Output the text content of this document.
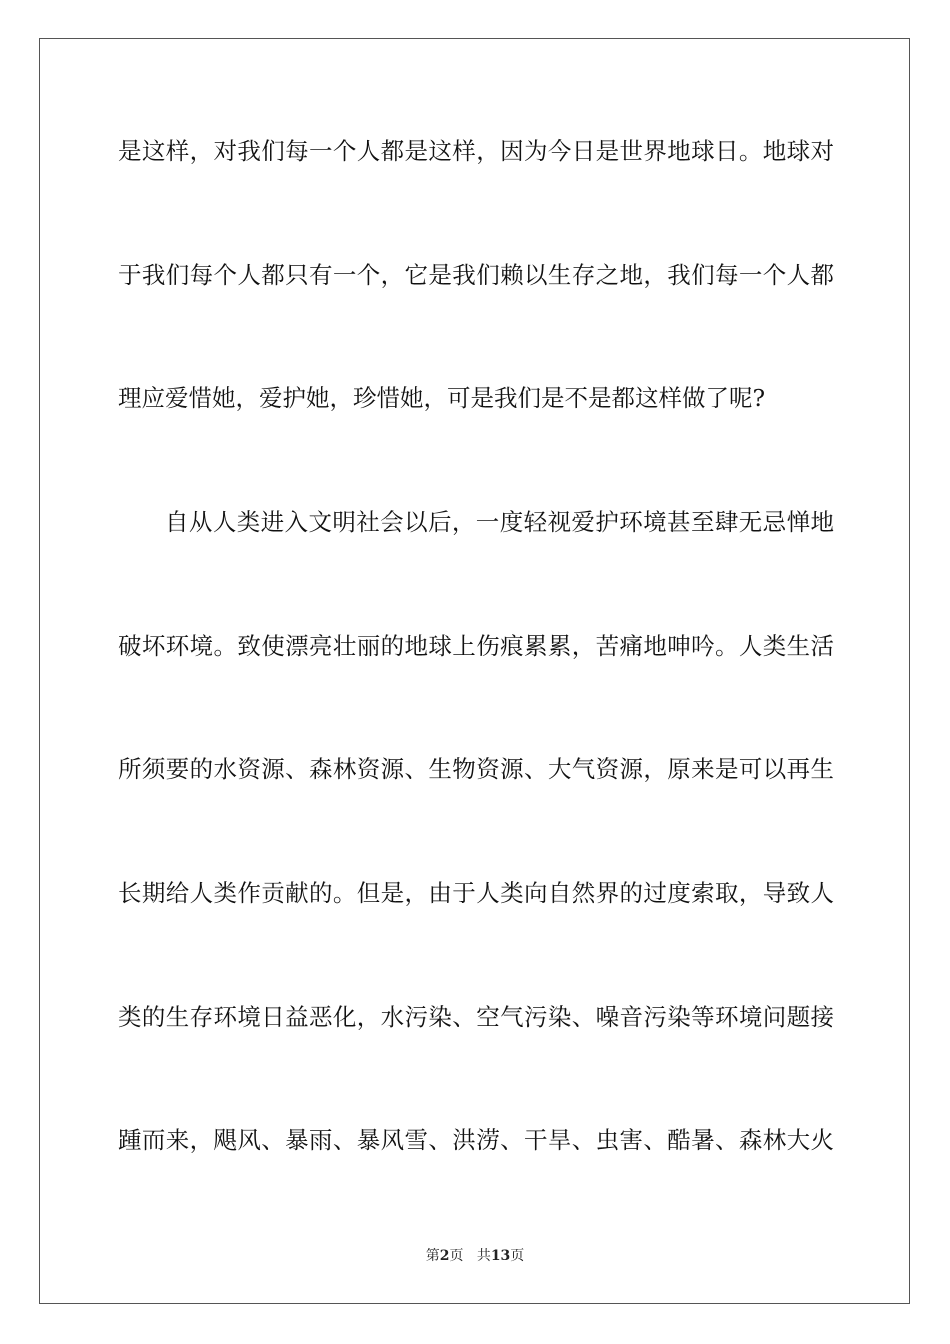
是这样，对我们每一个人都是这样，因为今日是世界地球日。地球对
于我们每个人都只有一个，它是我们赖以生存之地，我们每一个人都
理应爱惜她，爱护她，珍惜她，可是我们是不是都这样做了呢?
自从人类进入文明社会以后，一度轻视爱护环境甚至肆无忌惮地
破坏环境。致使漂亮壮丽的地球上伤痕累累，苦痛地呻吟。人类生活
所须要的水资源、森林资源、生物资源、大气资源，原来是可以再生
长期给人类作贡献的。但是，由于人类向自然界的过度索取，导致人
类的生存环境日益恶化，水污染、空气污染、噪音污染等环境问题接
踵而来，飓风、暴雨、暴风雪、洪涝、干旱、虫害、酷暑、森林大火
第2页 共13页
